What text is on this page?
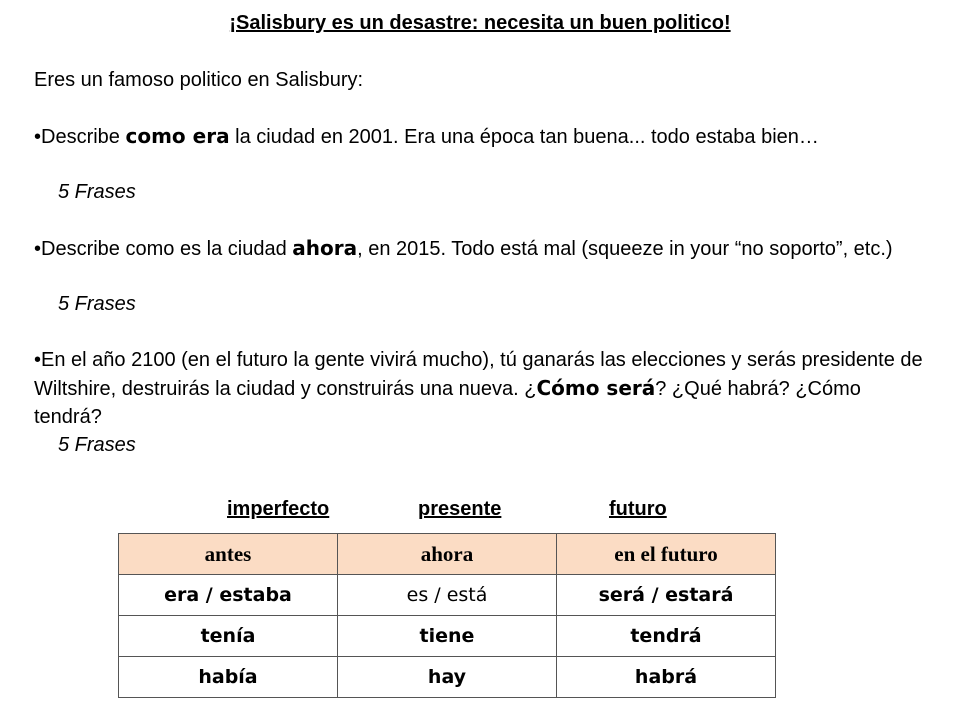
¡Salisbury es un desastre: necesita un buen politico!

Eres un famoso politico en Salisbury:

•Describe como era la ciudad en 2001. Era una época tan buena... todo estaba bien…

5 Frases

•Describe como es la ciudad ahora, en 2015. Todo está mal (squeeze in your “no soporto”, etc.)

5 Frases

•En el año 2100 (en el futuro la gente vivirá mucho), tú ganarás las elecciones y serás presidente de Wiltshire, destruirás la ciudad y construirás una nueva. ¿Cómo será? ¿Qué habrá? ¿Cómo tendrá?

5 Frases

imperfecto	presente	futuro
antes	ahora	en el futuro
era / estaba	es / está	será / estará
tenía	tiene	tendrá
había	hay	habrá
